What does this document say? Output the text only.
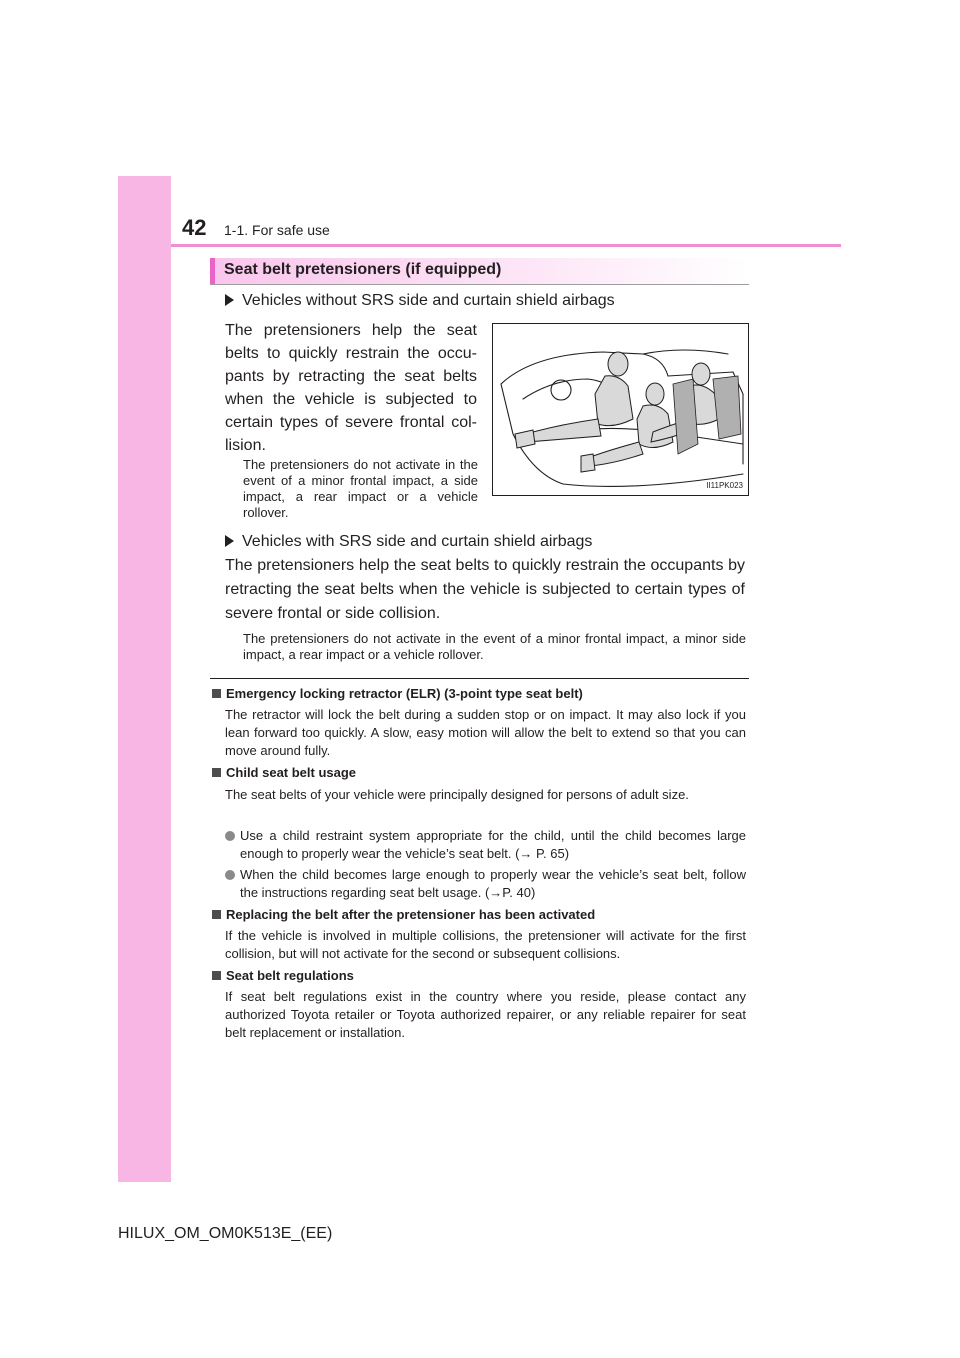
42 1-1. For safe use
Seat belt pretensioners (if equipped)
Vehicles without SRS side and curtain shield airbags
The pretensioners help the seat belts to quickly restrain the occu-pants by retracting the seat belts when the vehicle is subjected to certain types of severe frontal col-lision.
The pretensioners do not activate in the event of a minor frontal impact, a side impact, a rear impact or a vehicle rollover.
II11PK023
Vehicles with SRS side and curtain shield airbags
The pretensioners help the seat belts to quickly restrain the occupants by retracting the seat belts when the vehicle is subjected to certain types of severe frontal or side collision.
The pretensioners do not activate in the event of a minor frontal impact, a minor side impact, a rear impact or a vehicle rollover.
Emergency locking retractor (ELR) (3-point type seat belt)
The retractor will lock the belt during a sudden stop or on impact. It may also lock if you lean forward too quickly. A slow, easy motion will allow the belt to extend so that you can move around fully.
Child seat belt usage
The seat belts of your vehicle were principally designed for persons of adult size.
Use a child restraint system appropriate for the child, until the child becomes large enough to properly wear the vehicle’s seat belt. (→ P. 65)
When the child becomes large enough to properly wear the vehicle’s seat belt, follow the instructions regarding seat belt usage. (→P. 40)
Replacing the belt after the pretensioner has been activated
If the vehicle is involved in multiple collisions, the pretensioner will activate for the first collision, but will not activate for the second or subsequent collisions.
Seat belt regulations
If seat belt regulations exist in the country where you reside, please contact any authorized Toyota retailer or Toyota authorized repairer, or any reliable repairer for seat belt replacement or installation.
HILUX_OM_OM0K513E_(EE)
